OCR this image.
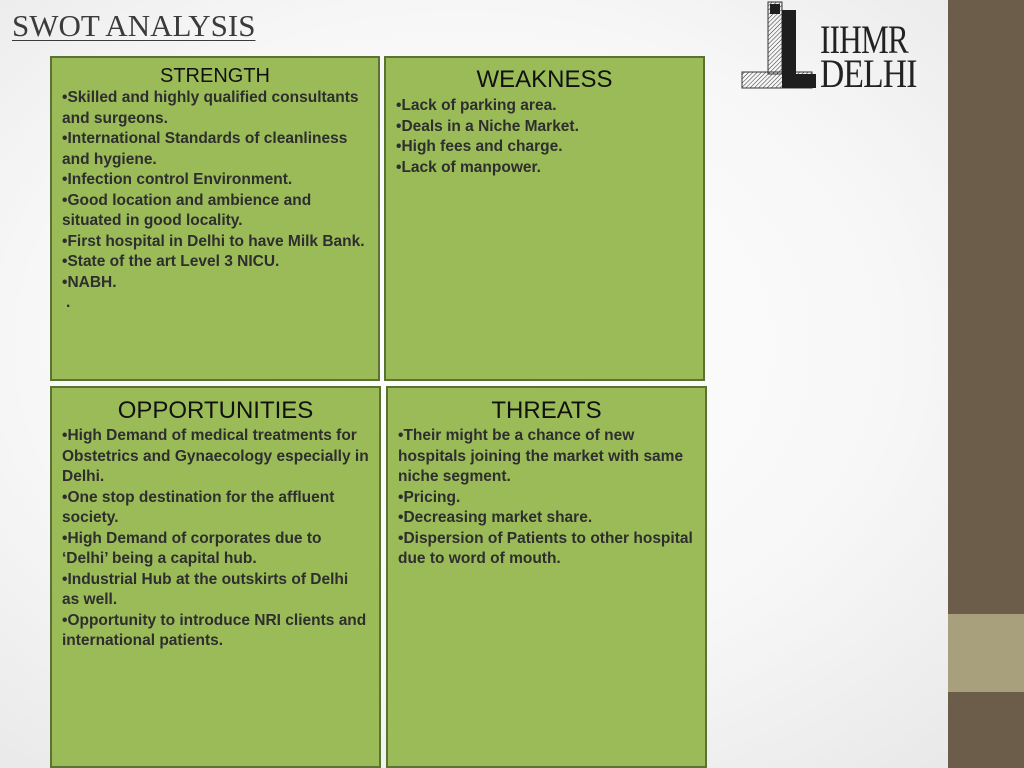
SWOT ANALYSIS	IIHMR
DELHI
STRENGTH
•Skilled and highly qualified consultants and surgeons.
•International Standards of cleanliness and hygiene.
•Infection control Environment.
•Good location and ambience and situated in good locality.
•First hospital in Delhi to have Milk Bank.
•State of the art Level 3 NICU.
•NABH.
.
WEAKNESS
•Lack of parking area.
•Deals in a Niche Market.
•High fees and charge.
•Lack of manpower.
OPPORTUNITIES
•High Demand of medical treatments for Obstetrics and Gynaecology especially in Delhi.
•One stop destination for the affluent society.
•High Demand of corporates due to ‘Delhi’ being a capital hub.
•Industrial Hub at the outskirts of Delhi as well.
•Opportunity to introduce NRI clients and international patients.
THREATS
•Their might be a chance of new hospitals joining the market with same niche segment.
•Pricing.
•Decreasing market share.
•Dispersion of Patients to other hospital due to word of mouth.
